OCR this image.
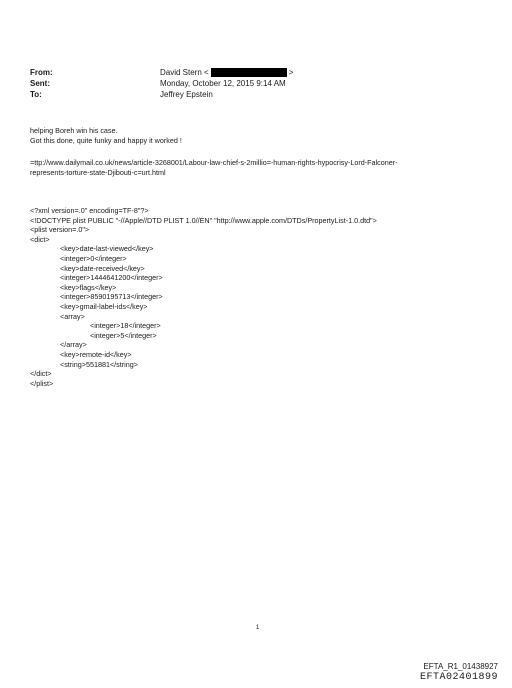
From:	David Stern <	>
Sent:	Monday, October 12, 2015 9:14 AM
To:	Jeffrey Epstein
helping Boreh win his case.
Got this done, quite funky and happy it worked !
=ttp://www.dailymail.co.uk/news/article-3268001/Labour-law-chief-s-2millio=-human-rights-hypocrisy-Lord-Falconer-
represents-torture-state-Djibouti-c=urt.html
<?xml version=.0" encoding=TF-8"?>
<!DOCTYPE plist PUBLIC "-//Apple//DTD PLIST 1.0//EN" "http://www.apple.com/DTDs/PropertyList-1.0.dtd">
<plist version=.0">
<dict>
<key>date-last-viewed</key>
<integer>0</integer>
<key>date-received</key>
<integer>1444641200</integer>
<key>flags</key>
<integer>8590195713</integer>
<key>gmail-label-ids</key>
<array>
<integer>18</integer>
<integer>5</integer>
</array>
<key>remote-id</key>
<string>551881</string>
</dict>
</plist>
1
EFTA_R1_01438927
EFTA02401899
